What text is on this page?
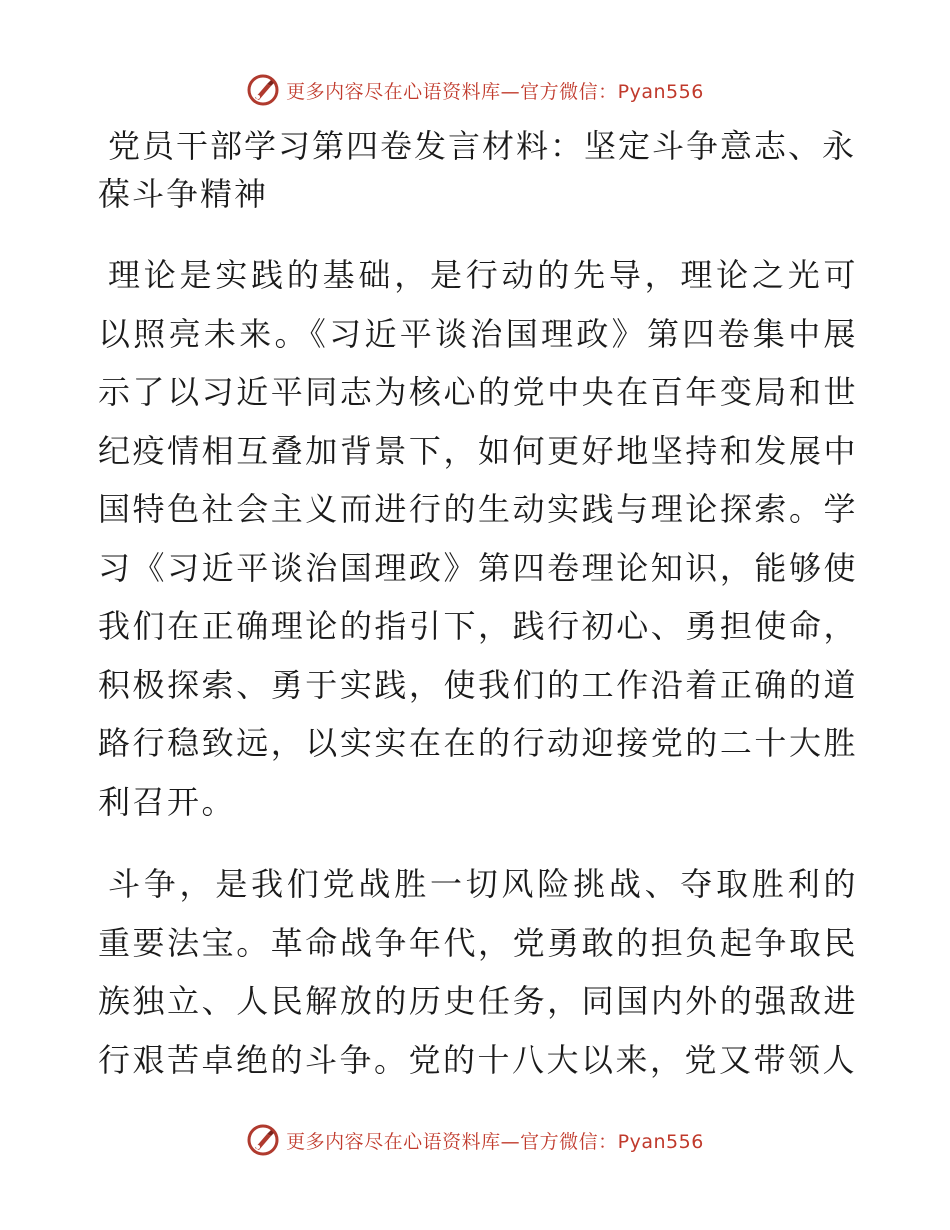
更多内容尽在心语资料库—官方微信：Pyan556
党员干部学习第四卷发言材料：坚定斗争意志、永葆斗争精神

理论是实践的基础，是行动的先导，理论之光可以照亮未来。《习近平谈治国理政》第四卷集中展示了以习近平同志为核心的党中央在百年变局和世纪疫情相互叠加背景下，如何更好地坚持和发展中国特色社会主义而进行的生动实践与理论探索。学习《习近平谈治国理政》第四卷理论知识，能够使我们在正确理论的指引下，践行初心、勇担使命，积极探索、勇于实践，使我们的工作沿着正确的道路行稳致远，以实实在在的行动迎接党的二十大胜利召开。

斗争，是我们党战胜一切风险挑战、夺取胜利的重要法宝。革命战争年代，党勇敢的担负起争取民族独立、人民解放的历史任务，同国内外的强敌进行艰苦卓绝的斗争。党的十八大以来，党又带领人

更多内容尽在心语资料库—官方微信：Pyan556
